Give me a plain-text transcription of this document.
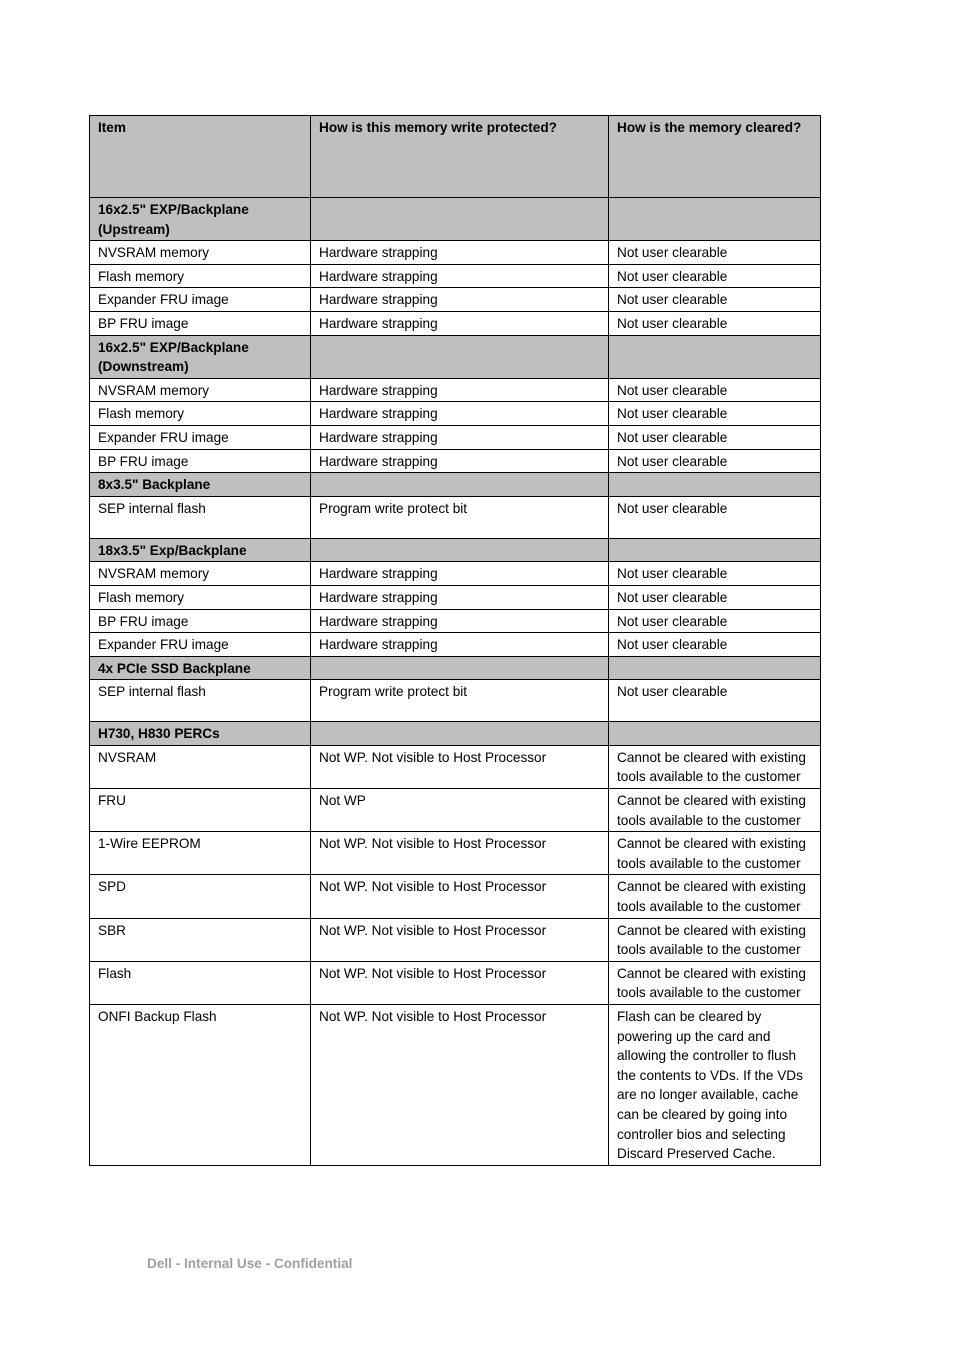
Item	How is this memory write protected?	How is the memory cleared?
16x2.5" EXP/Backplane (Upstream)		
NVSRAM memory	Hardware strapping	Not user clearable
Flash memory	Hardware strapping	Not user clearable
Expander FRU image	Hardware strapping	Not user clearable
BP FRU image	Hardware strapping	Not user clearable
16x2.5" EXP/Backplane (Downstream)		
NVSRAM memory	Hardware strapping	Not user clearable
Flash memory	Hardware strapping	Not user clearable
Expander FRU image	Hardware strapping	Not user clearable
BP FRU image	Hardware strapping	Not user clearable
8x3.5" Backplane		
SEP internal flash	Program write protect bit	Not user clearable
18x3.5" Exp/Backplane		
NVSRAM memory	Hardware strapping	Not user clearable
Flash memory	Hardware strapping	Not user clearable
BP FRU image	Hardware strapping	Not user clearable
Expander FRU image	Hardware strapping	Not user clearable
4x PCIe SSD Backplane		
SEP internal flash	Program write protect bit	Not user clearable
H730, H830 PERCs		
NVSRAM	Not WP. Not visible to Host Processor	Cannot be cleared with existing tools available to the customer
FRU	Not WP	Cannot be cleared with existing tools available to the customer
1-Wire EEPROM	Not WP. Not visible to Host Processor	Cannot be cleared with existing tools available to the customer
SPD	Not WP. Not visible to Host Processor	Cannot be cleared with existing tools available to the customer
SBR	Not WP. Not visible to Host Processor	Cannot be cleared with existing tools available to the customer
Flash	Not WP. Not visible to Host Processor	Cannot be cleared with existing tools available to the customer
ONFI Backup Flash	Not WP. Not visible to Host Processor	Flash can be cleared by powering up the card and allowing the controller to flush the contents to VDs. If the VDs are no longer available, cache can be cleared by going into controller bios and selecting Discard Preserved Cache.
Dell - Internal Use - Confidential
